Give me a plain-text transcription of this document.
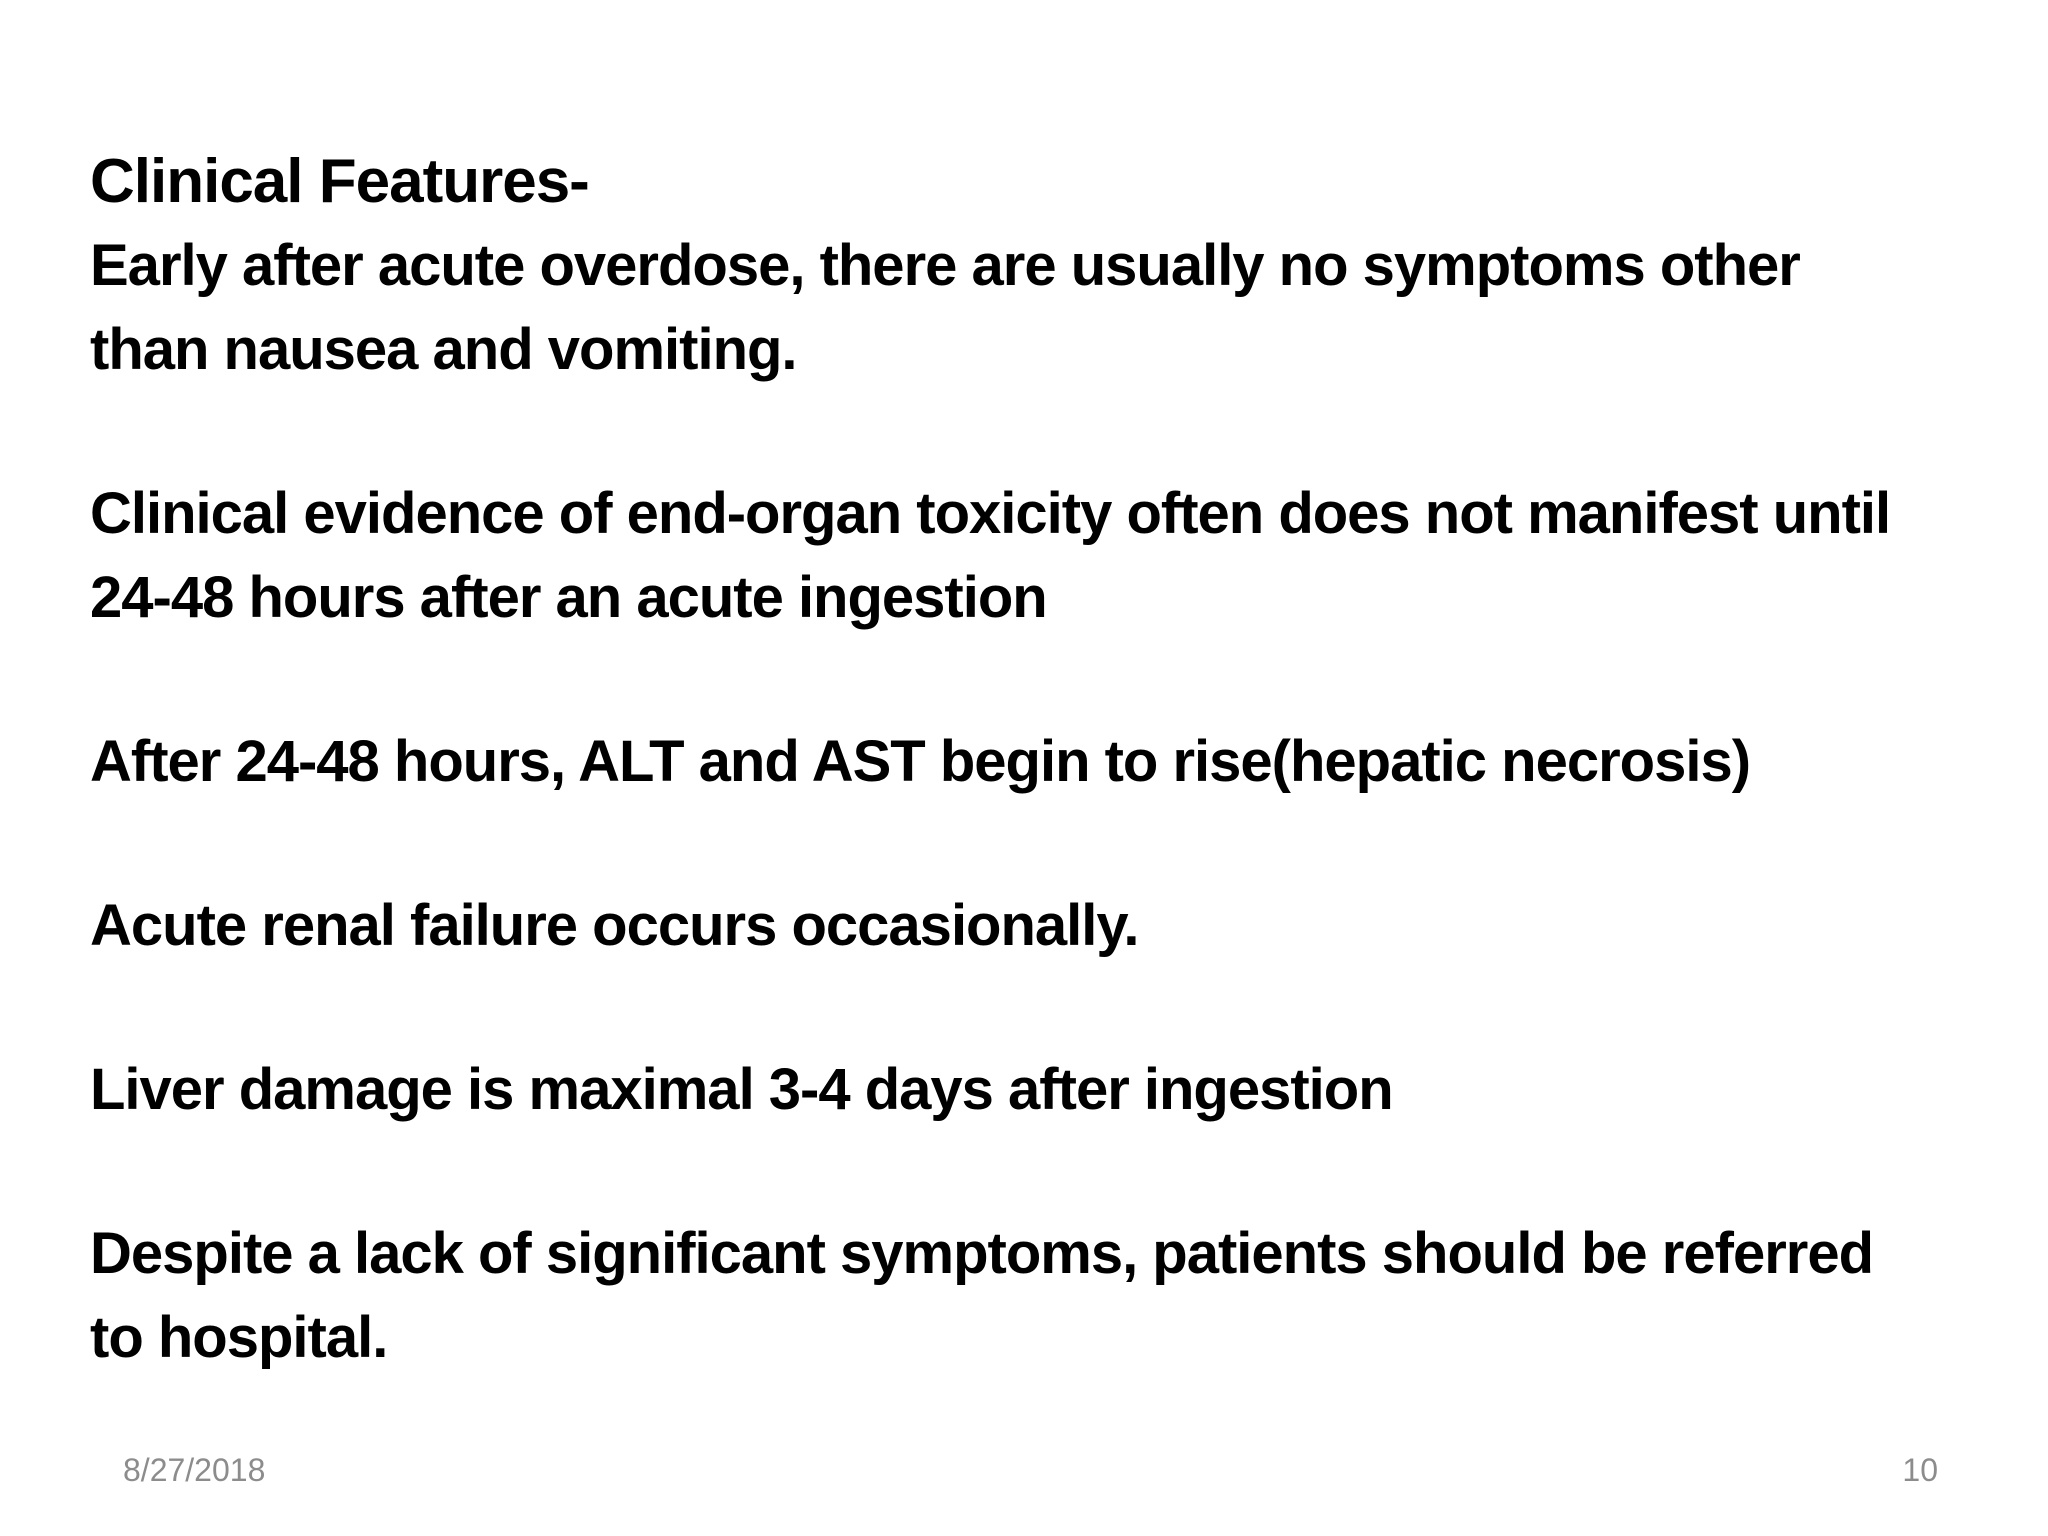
Clinical Features-

Early after acute overdose, there are usually no symptoms other
than nausea and vomiting.

Clinical evidence of end-organ toxicity often does not manifest until
24-48 hours after an acute ingestion

After 24-48 hours, ALT and AST begin to rise(hepatic necrosis)

Acute renal failure occurs occasionally.

Liver damage is maximal 3-4 days after ingestion

Despite a lack of significant symptoms, patients should be referred
to hospital.

8/27/2018	10
